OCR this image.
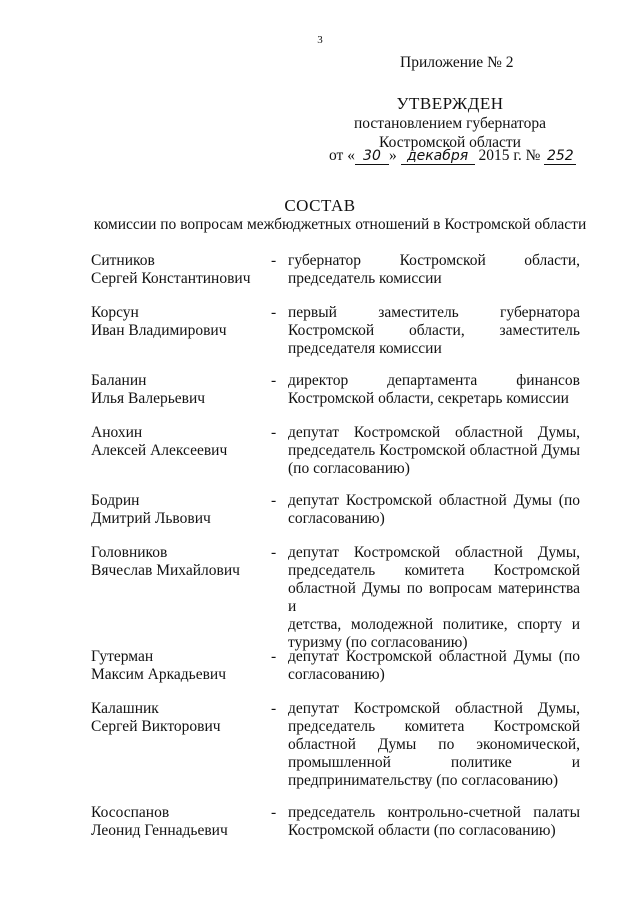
3
Приложение № 2
УТВЕРЖДЕН
постановлением губернатора
Костромской области
от « 30 » декабря 2015 г. № 252
СОСТАВ
комиссии по вопросам межбюджетных отношений в Костромской области
Ситников
Сергей Константинович
- губернатор Костромской области,
председатель комиссии
Корсун
Иван Владимирович
- первый заместитель губернатора
Костромской области, заместитель
председателя комиссии
Баланин
Илья Валерьевич
- директор департамента финансов
Костромской области, секретарь комиссии
Анохин
Алексей Алексеевич
- депутат Костромской областной Думы,
председатель Костромской областной Думы
(по согласованию)
Бодрин
Дмитрий Львович
- депутат Костромской областной Думы (по
согласованию)
Головников
Вячеслав Михайлович
- депутат Костромской областной Думы,
председатель комитета Костромской
областной Думы по вопросам материнства и
детства, молодежной политике, спорту и
туризму (по согласованию)
Гутерман
Максим Аркадьевич
- депутат Костромской областной Думы (по
согласованию)
Калашник
Сергей Викторович
- депутат Костромской областной Думы,
председатель комитета Костромской
областной Думы по экономической,
промышленной политике и
предпринимательству (по согласованию)
Кососпанов
Леонид Геннадьевич
- председатель контрольно-счетной палаты
Костромской области (по согласованию)
